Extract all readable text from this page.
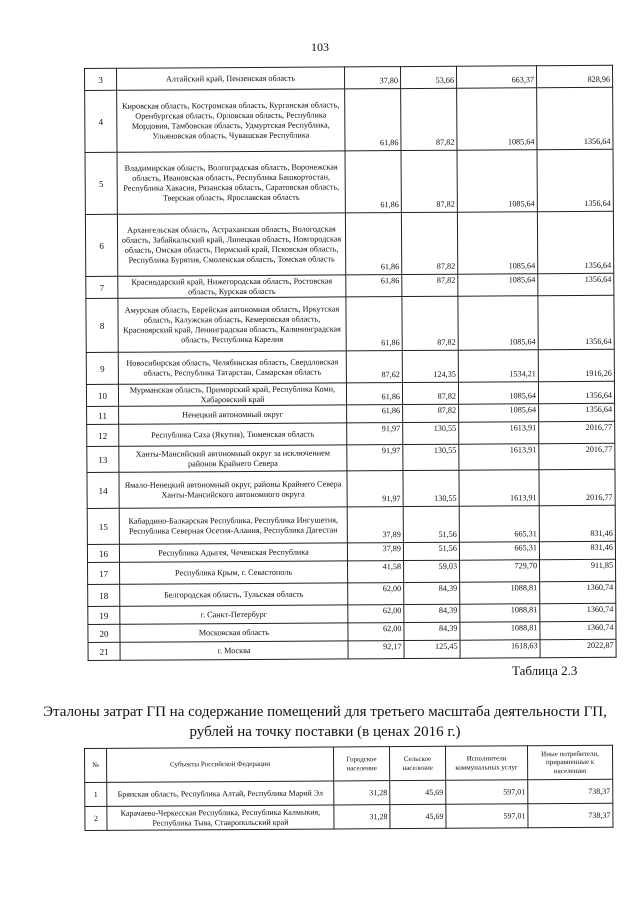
103
3	Алтайский край, Пензенская область	37,80	53,66	663,37	828,96
4	Кировская область, Костромская область, Курганская область, Оренбургская область, Орловская область, Республика Мордовия, Тамбовская область, Удмуртская Республика, Ульяновская область, Чувашская Республика	61,86	87,82	1085,64	1356,64
5	Владимирская область, Волгоградская область, Воронежская область, Ивановская область, Республика Башкортостан, Республика Хакасия, Рязанская область, Саратовская область, Тверская область, Ярославская область	61,86	87,82	1085,64	1356,64
6	Архангельская область, Астраханская область, Вологодская область, Забайкальский край, Липецкая область, Новгородская область, Омская область, Пермский край, Псковская область, Республика Бурятия, Смоленская область, Томская область	61,86	87,82	1085,64	1356,64
7	Краснодарский край, Нижегородская область, Ростовская область, Курская область	61,86	87,82	1085,64	1356,64
8	Амурская область, Еврейская автономная область, Иркутская область, Калужская область, Кемеровская область, Красноярский край, Ленинградская область, Калининградская область, Республика Карелия	61,86	87,82	1085,64	1356,64
9	Новосибирская область, Челябинская область, Свердловская область, Республика Татарстан, Самарская область	87,62	124,35	1534,21	1916,26
10	Мурманская область, Приморский край, Республика Коми, Хабаровский край	61,86	87,82	1085,64	1356,64
11	Ненецкий автономный округ	61,86	87,82	1085,64	1356,64
12	Республика Саха (Якутия), Тюменская область	91,97	130,55	1613,91	2016,77
13	Ханты-Мансийский автономный округ за исключением районов Крайнего Севера	91,97	130,55	1613,91	2016,77
14	Ямало-Ненецкий автономный округ, районы Крайнего Севера Ханты-Мансийского автономного округа	91,97	130,55	1613,91	2016,77
15	Кабардино-Балкарская Республика, Республика Ингушетия, Республика Северная Осетия-Алания, Республика Дагестан	37,89	51,56	665,31	831,46
16	Республика Адыгея, Чеченская Республика	37,89	51,56	665,31	831,46
17	Республика Крым, г. Севастополь	41,58	59,03	729,70	911,85
18	Белгородская область, Тульская область	62,00	84,39	1088,81	1360,74
19	г. Санкт-Петербург	62,00	84,39	1088,81	1360,74
20	Московская область	62,00	84,39	1088,81	1360,74
21	г. Москва	92,17	125,45	1618,63	2022,87
Таблица 2.3
Эталоны затрат ГП на содержание помещений для третьего масштаба деятельности ГП, рублей на точку поставки (в ценах 2016 г.)
№	Субъекты Российской Федерации	Городское население	Сельское население	Исполнители коммунальных услуг	Иные потребители, приравненные к населению
1	Брянская область, Республика Алтай, Республика Марий Эл	31,28	45,69	597,01	738,37
2	Карачаево-Черкесская Республика, Республика Калмыкия, Республика Тыва, Ставропольский край	31,28	45,69	597,01	738,37
